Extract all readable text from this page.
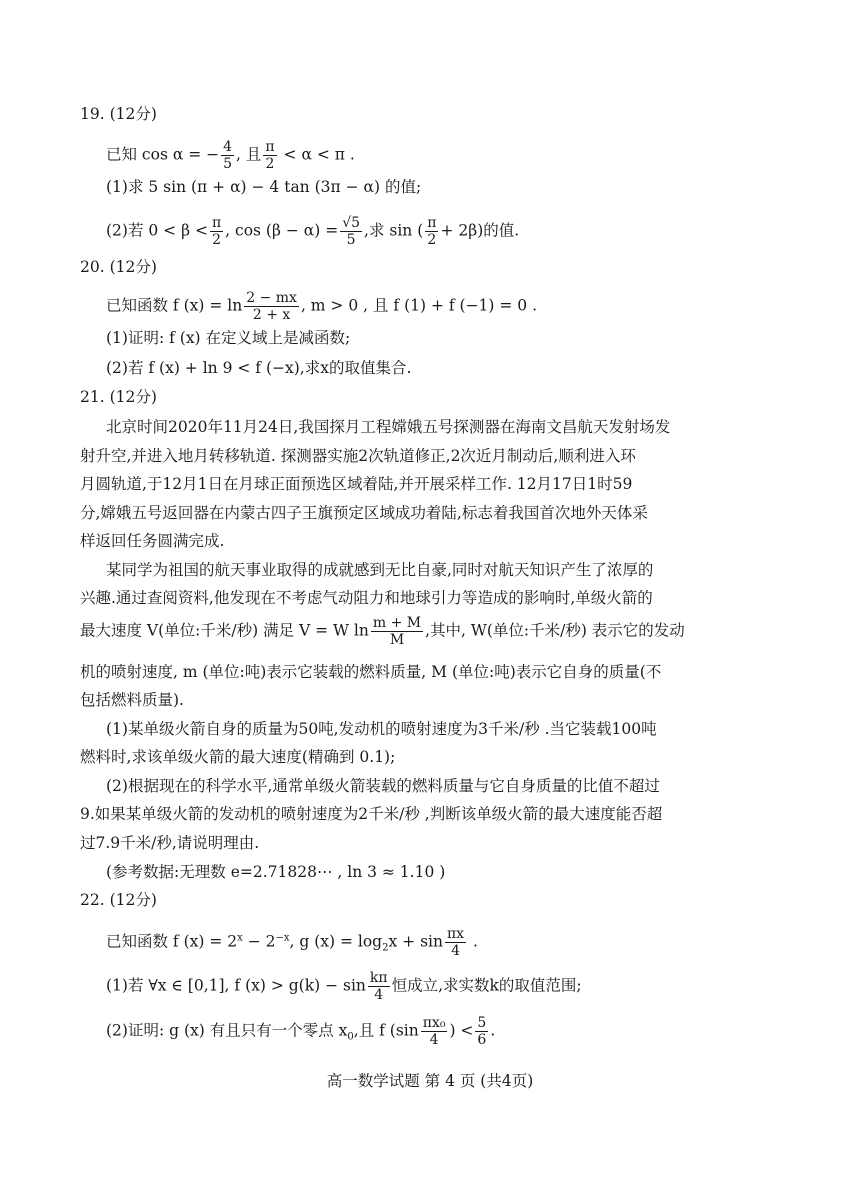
19. (12分)
已知 cos α = − $\frac{4}{5}$ , 且 $\frac{\pi}{2} < \alpha < \pi$ .
(1)求 5 sin (π + α) − 4 tan (3π − α) 的值;
(2)若 $0 < \beta < \frac{\pi}{2}$ , $\cos (\beta - \alpha) = \frac{√5}{5}$ ,求 sin ( $\frac{\pi}{2} + 2\beta$)的值.
20. (12分)
已知函数 f $(x) = \ln \frac{2 - mx}{2 + x}$ , m > 0 , 且 f (1) + f (−1) = 0 .
(1)证明: f (x) 在定义域上是减函数;
(2)若 f (x) + ln 9 < f (−x),求x的取值集合.
21. (12分)
北京时间2020年11月24日,我国探月工程嫦娥五号探测器在海南文昌航天发射场发
射升空,并进入地月转移轨道. 探测器实施2次轨道修正,2次近月制动后,顺利进入环
月圆轨道,于12月1日在月球正面预选区域着陆,并开展采样工作. 12月17日1时59
分,嫦娥五号返回器在内蒙古四子王旗预定区域成功着陆,标志着我国首次地外天体采
样返回任务圆满完成.
某同学为祖国的航天事业取得的成就感到无比自豪,同时对航天知识产生了浓厚的
兴趣.通过查阅资料,他发现在不考虑气动阻力和地球引力等造成的影响时,单级火箭的
最大速度 V(单位:千米/秒) 满足 V = W $\ln \frac{m + M}{M}$ ,其中, W(单位:千米/秒) 表示它的发动
机的喷射速度, m (单位:吨)表示它装载的燃料质量, M (单位:吨)表示它自身的质量(不
包括燃料质量).
(1)某单级火箭自身的质量为50吨,发动机的喷射速度为3千米/秒 .当它装载100吨
燃料时,求该单级火箭的最大速度(精确到 0.1);
(2)根据现在的科学水平,通常单级火箭装载的燃料质量与它自身质量的比值不超过
9.如果某单级火箭的发动机的喷射速度为2千米/秒 ,判断该单级火箭的最大速度能否超
过7.9千米/秒,请说明理由.
(参考数据:无理数 e=2.71828⋯ , ln 3 ≈ 1.10 )
22. (12分)
已知函数 f $(x) = 2^x - 2^{-x}$, g $(x) = \log_2x + \sin \frac{\pi x}{4}$ .
(1)若 ∀x ∈ [0,1], f $(x) > g(k) - \sin \frac{k\pi}{4}$ 恒成立,求实数k的取值范围;
(2)证明: g (x) 有且只有一个零点 $x_0$,且 f ($\sin \frac{\text{πx₀}}{4}$ ) < $\frac{5}{6}$ .
高一数学试题 第 4 页 (共4页)
